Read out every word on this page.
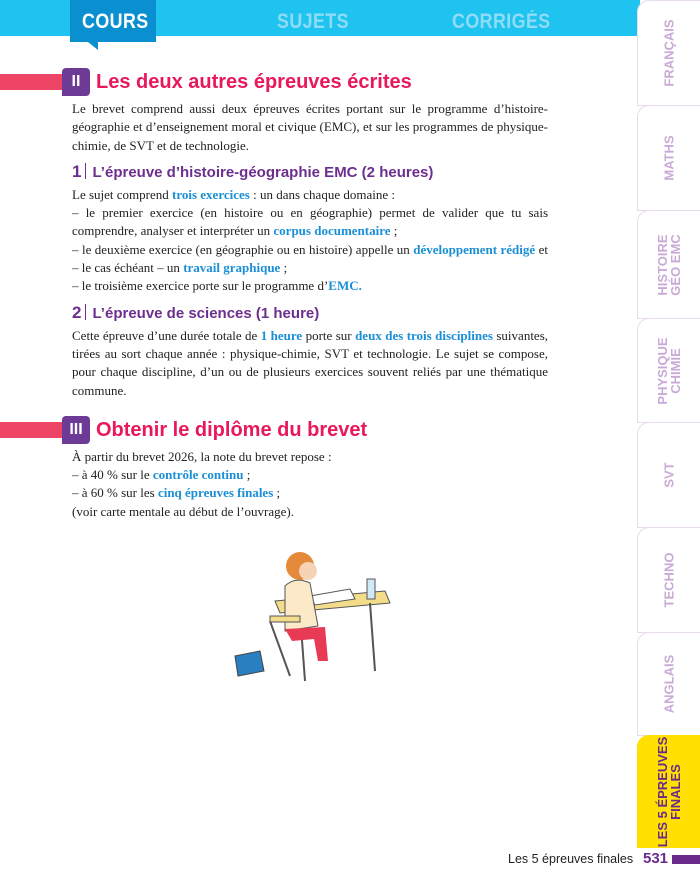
COURS	SUJETS	CORRIGÉS	FRANÇAIS
MATHS
HISTOIRE
GÉO EMC
PHYSIQUE
CHIMIE
SVT
TECHNO
ANGLAIS
LES 5 ÉPREUVES
FINALES
II Les deux autres épreuves écrites
Le brevet comprend aussi deux épreuves écrites portant sur le programme d’histoire-géographie et d’enseignement moral et civique (EMC), et sur les programmes de physique-chimie, de SVT et de technologie.
1 L’épreuve d’histoire-géographie EMC (2 heures)
Le sujet comprend trois exercices : un dans chaque domaine :
– le premier exercice (en histoire ou en géographie) permet de valider que tu sais comprendre, analyser et interpréter un corpus documentaire ;
– le deuxième exercice (en géographie ou en histoire) appelle un développement rédigé et – le cas échéant – un travail graphique ;
– le troisième exercice porte sur le programme d’EMC.
2 L’épreuve de sciences (1 heure)
Cette épreuve d’une durée totale de 1 heure porte sur deux des trois disciplines suivantes, tirées au sort chaque année : physique-chimie, SVT et technologie. Le sujet se compose, pour chaque discipline, d’un ou de plusieurs exercices souvent reliés par une thématique commune.
III Obtenir le diplôme du brevet
À partir du brevet 2026, la note du brevet repose :
– à 40 % sur le contrôle continu ;
– à 60 % sur les cinq épreuves finales ;
(voir carte mentale au début de l’ouvrage).
Les 5 épreuves finales 531
